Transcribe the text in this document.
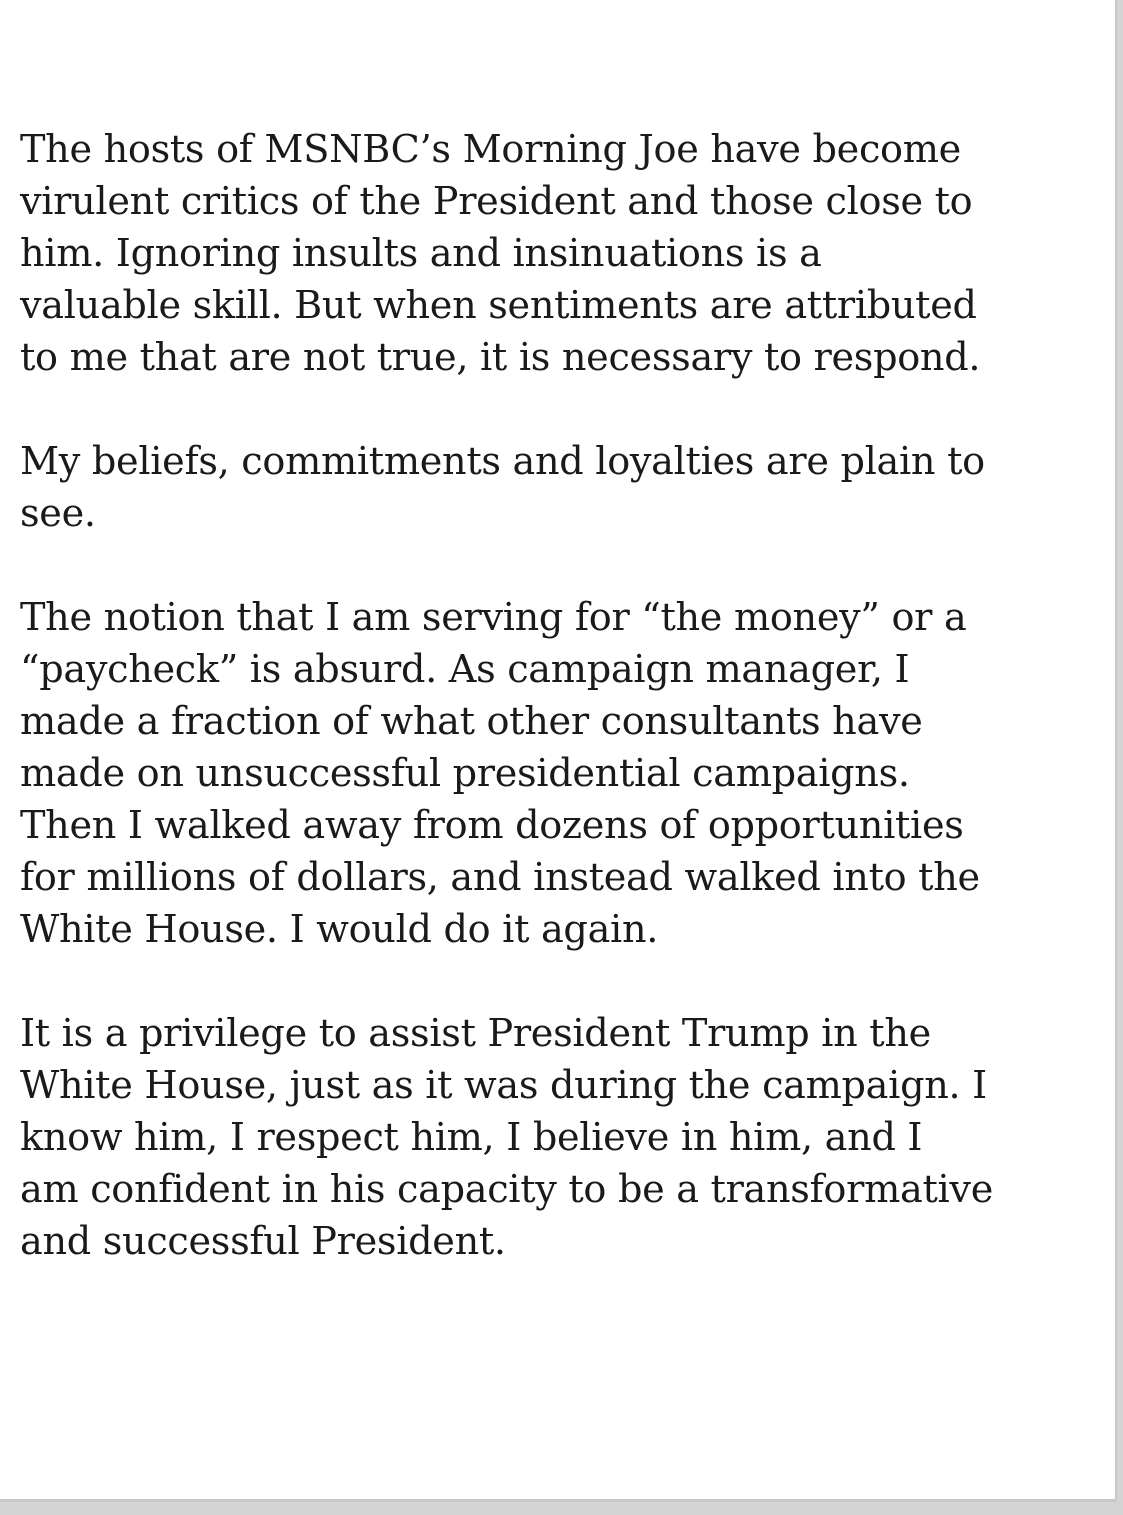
The hosts of MSNBC’s Morning Joe have become
virulent critics of the President and those close to
him. Ignoring insults and insinuations is a
valuable skill. But when sentiments are attributed
to me that are not true, it is necessary to respond.

My beliefs, commitments and loyalties are plain to
see.

The notion that I am serving for “the money” or a
“paycheck” is absurd. As campaign manager, I
made a fraction of what other consultants have
made on unsuccessful presidential campaigns.
Then I walked away from dozens of opportunities
for millions of dollars, and instead walked into the
White House. I would do it again.

It is a privilege to assist President Trump in the
White House, just as it was during the campaign. I
know him, I respect him, I believe in him, and I
am confident in his capacity to be a transformative
and successful President.
